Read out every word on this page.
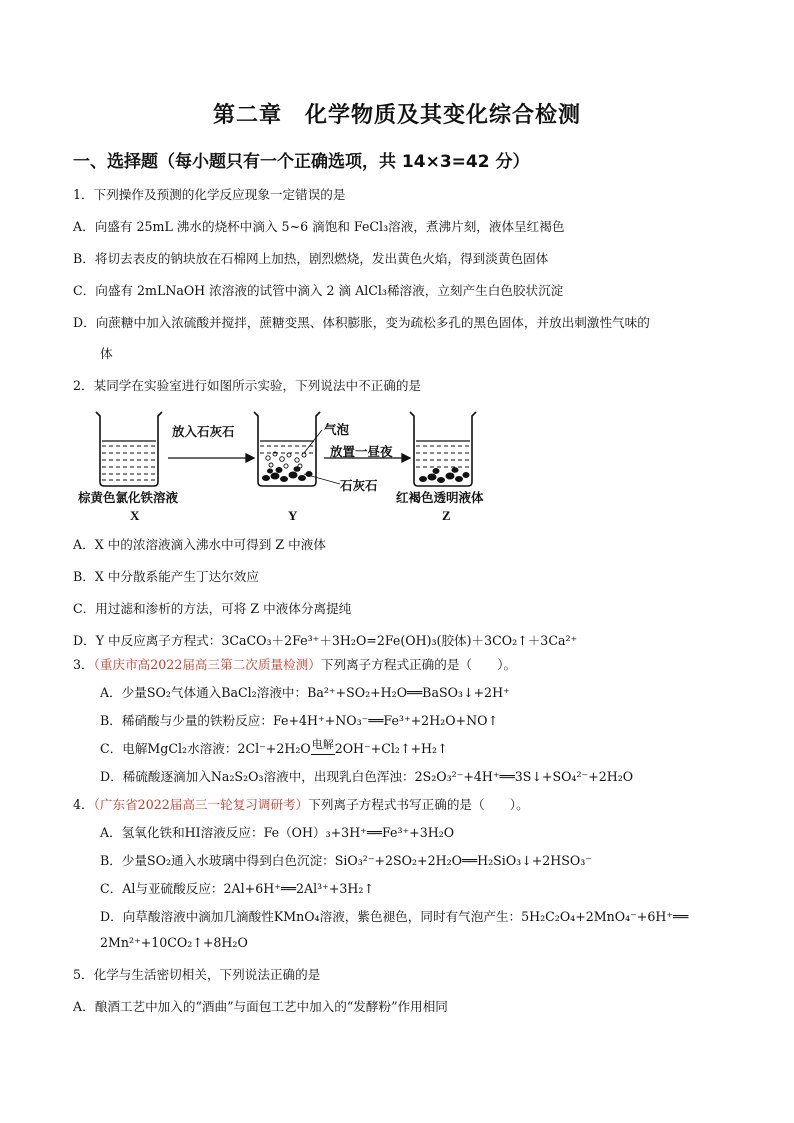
第二章　化学物质及其变化综合检测
一、选择题（每小题只有一个正确选项，共 14×3=42 分）
1．下列操作及预测的化学反应现象一定错误的是
A．向盛有 25mL 沸水的烧杯中滴入 5~6 滴饱和 FeCl₃溶液，煮沸片刻，液体呈红褐色
B．将切去表皮的钠块放在石棉网上加热，剧烈燃烧，发出黄色火焰，得到淡黄色固体
C．向盛有 2mLNaOH 浓溶液的试管中滴入 2 滴 AlCl₃稀溶液，立刻产生白色胶状沉淀
D．向蔗糖中加入浓硫酸并搅拌，蔗糖变黑、体积膨胀，变为疏松多孔的黑色固体，并放出刺激性气味的
体
2．某同学在实验室进行如图所示实验，下列说法中不正确的是
放入石灰石	气泡
放置一昼夜
石灰石
棕黄色氯化铁溶液	红褐色透明液体
X	Y	Z
A．X 中的浓溶液滴入沸水中可得到 Z 中液体
B．X 中分散系能产生丁达尔效应
C．用过滤和渗析的方法，可将 Z 中液体分离提纯
D．Y 中反应离子方程式：3CaCO₃＋2Fe³⁺＋3H₂O=2Fe(OH)₃(胶体)＋3CO₂↑＋3Ca²⁺
3．（重庆市高2022届高三第二次质量检测）下列离子方程式正确的是（　　）。
A．少量SO₂气体通入BaCl₂溶液中：Ba²⁺+SO₂+H₂O══BaSO₃↓+2H⁺
B．稀硝酸与少量的铁粉反应：Fe+4H⁺+NO₃⁻══Fe³⁺+2H₂O+NO↑
C．电解MgCl₂水溶液：2Cl⁻+2H₂O电解2OH⁻+Cl₂↑+H₂↑
D．稀硫酸逐滴加入Na₂S₂O₃溶液中，出现乳白色浑浊：2S₂O₃²⁻+4H⁺══3S↓+SO₄²⁻+2H₂O
4．（广东省2022届高三一轮复习调研考）下列离子方程式书写正确的是（　　）。
A．氢氧化铁和HI溶液反应：Fe（OH）₃+3H⁺══Fe³⁺+3H₂O
B．少量SO₂通入水玻璃中得到白色沉淀：SiO₃²⁻+2SO₂+2H₂O══H₂SiO₃↓+2HSO₃⁻
C．Al与亚硫酸反应：2Al+6H⁺══2Al³⁺+3H₂↑
D．向草酸溶液中滴加几滴酸性KMnO₄溶液，紫色褪色，同时有气泡产生：5H₂C₂O₄+2MnO₄⁻+6H⁺══
2Mn²⁺+10CO₂↑+8H₂O
5．化学与生活密切相关，下列说法正确的是
A．酿酒工艺中加入的“酒曲”与面包工艺中加入的“发酵粉”作用相同
